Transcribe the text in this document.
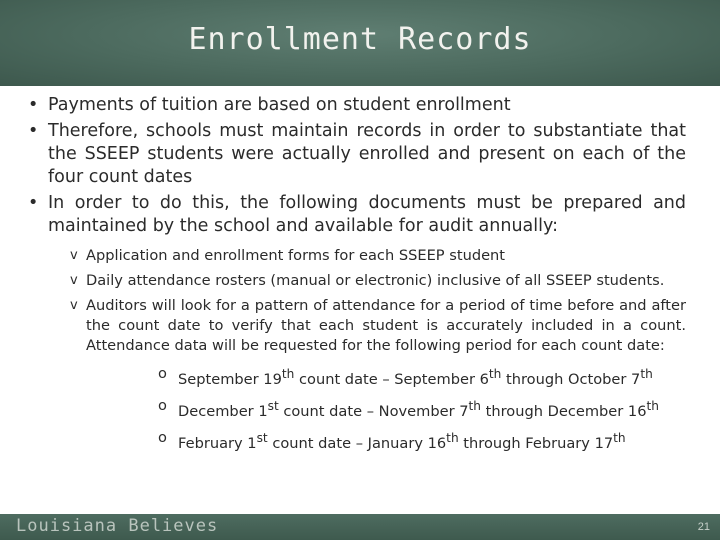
Enrollment Records
• Payments of tuition are based on student enrollment
• Therefore, schools must maintain records in order to substantiate that the SSEEP students were actually enrolled and present on each of the four count dates
• In order to do this, the following documents must be prepared and maintained by the school and available for audit annually:
v Application and enrollment forms for each SSEEP student
v Daily attendance rosters (manual or electronic) inclusive of all SSEEP students.
v Auditors will look for a pattern of attendance for a period of time before and after the count date to verify that each student is accurately included in a count. Attendance data will be requested for the following period for each count date:
o September 19th count date – September 6th through October 7th
o December 1st count date – November 7th through December 16th
o February 1st count date – January 16th through February 17th
Louisiana Believes	21
